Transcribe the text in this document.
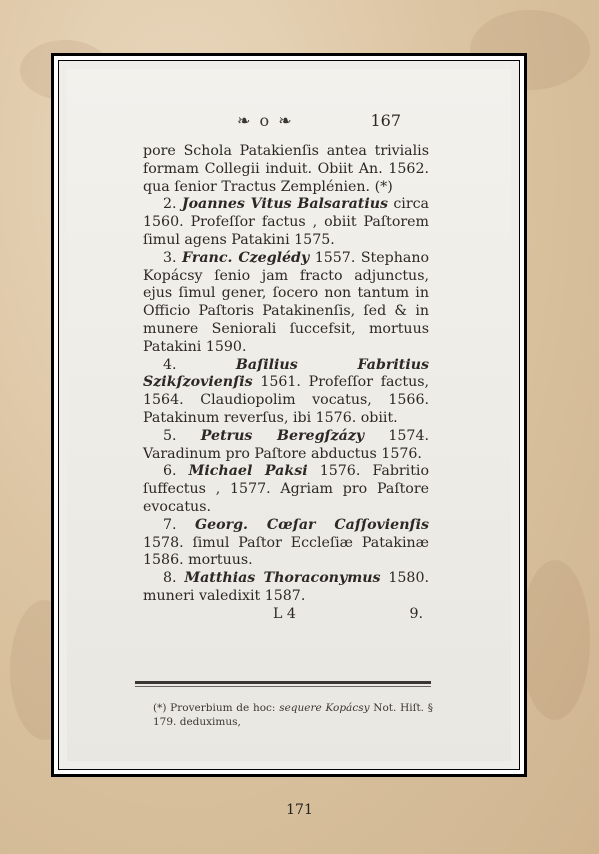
❧ o ❧	167

pore Schola Patakienſis antea trivialis formam Collegii induit. Obiit An. 1562. qua ſenior Tractus Zemplénien. (*)

2. Joannes Vitus Balsaratius circa 1560. Profeſſor factus , obiit Paſtorem ſimul agens Patakini 1575.

3. Franc. Czeglédy 1557. Stephano Kopácsy ſenio jam fracto adjunctus, ejus ſimul gener, ſocero non tantum in Officio Paſtoris Patakinenſis, ſed & in munere Seniorali ſuccefsit, mortuus Patakini 1590.

4. Baſilius Fabritius Szikſzovienſis 1561. Profeſſor factus, 1564. Claudiopolim vocatus, 1566. Patakinum reverſus, ibi 1576. obiit.

5. Petrus Beregſzázy 1574. Varadinum pro Paſtore abductus 1576.

6. Michael Paksi 1576. Fabritio ſuffectus , 1577. Agriam pro Paſtore evocatus.

7. Georg. Cœſar Caſſovienſis 1578. ſimul Paſtor Eccleſiæ Patakinæ 1586. mortuus.

8. Matthias Thoraconymus 1580. muneri valedixit 1587.

L 4	9.
(*) Proverbium de hoc: sequere Kopácsy Not. Hiſt. § 179. deduximus,
171
